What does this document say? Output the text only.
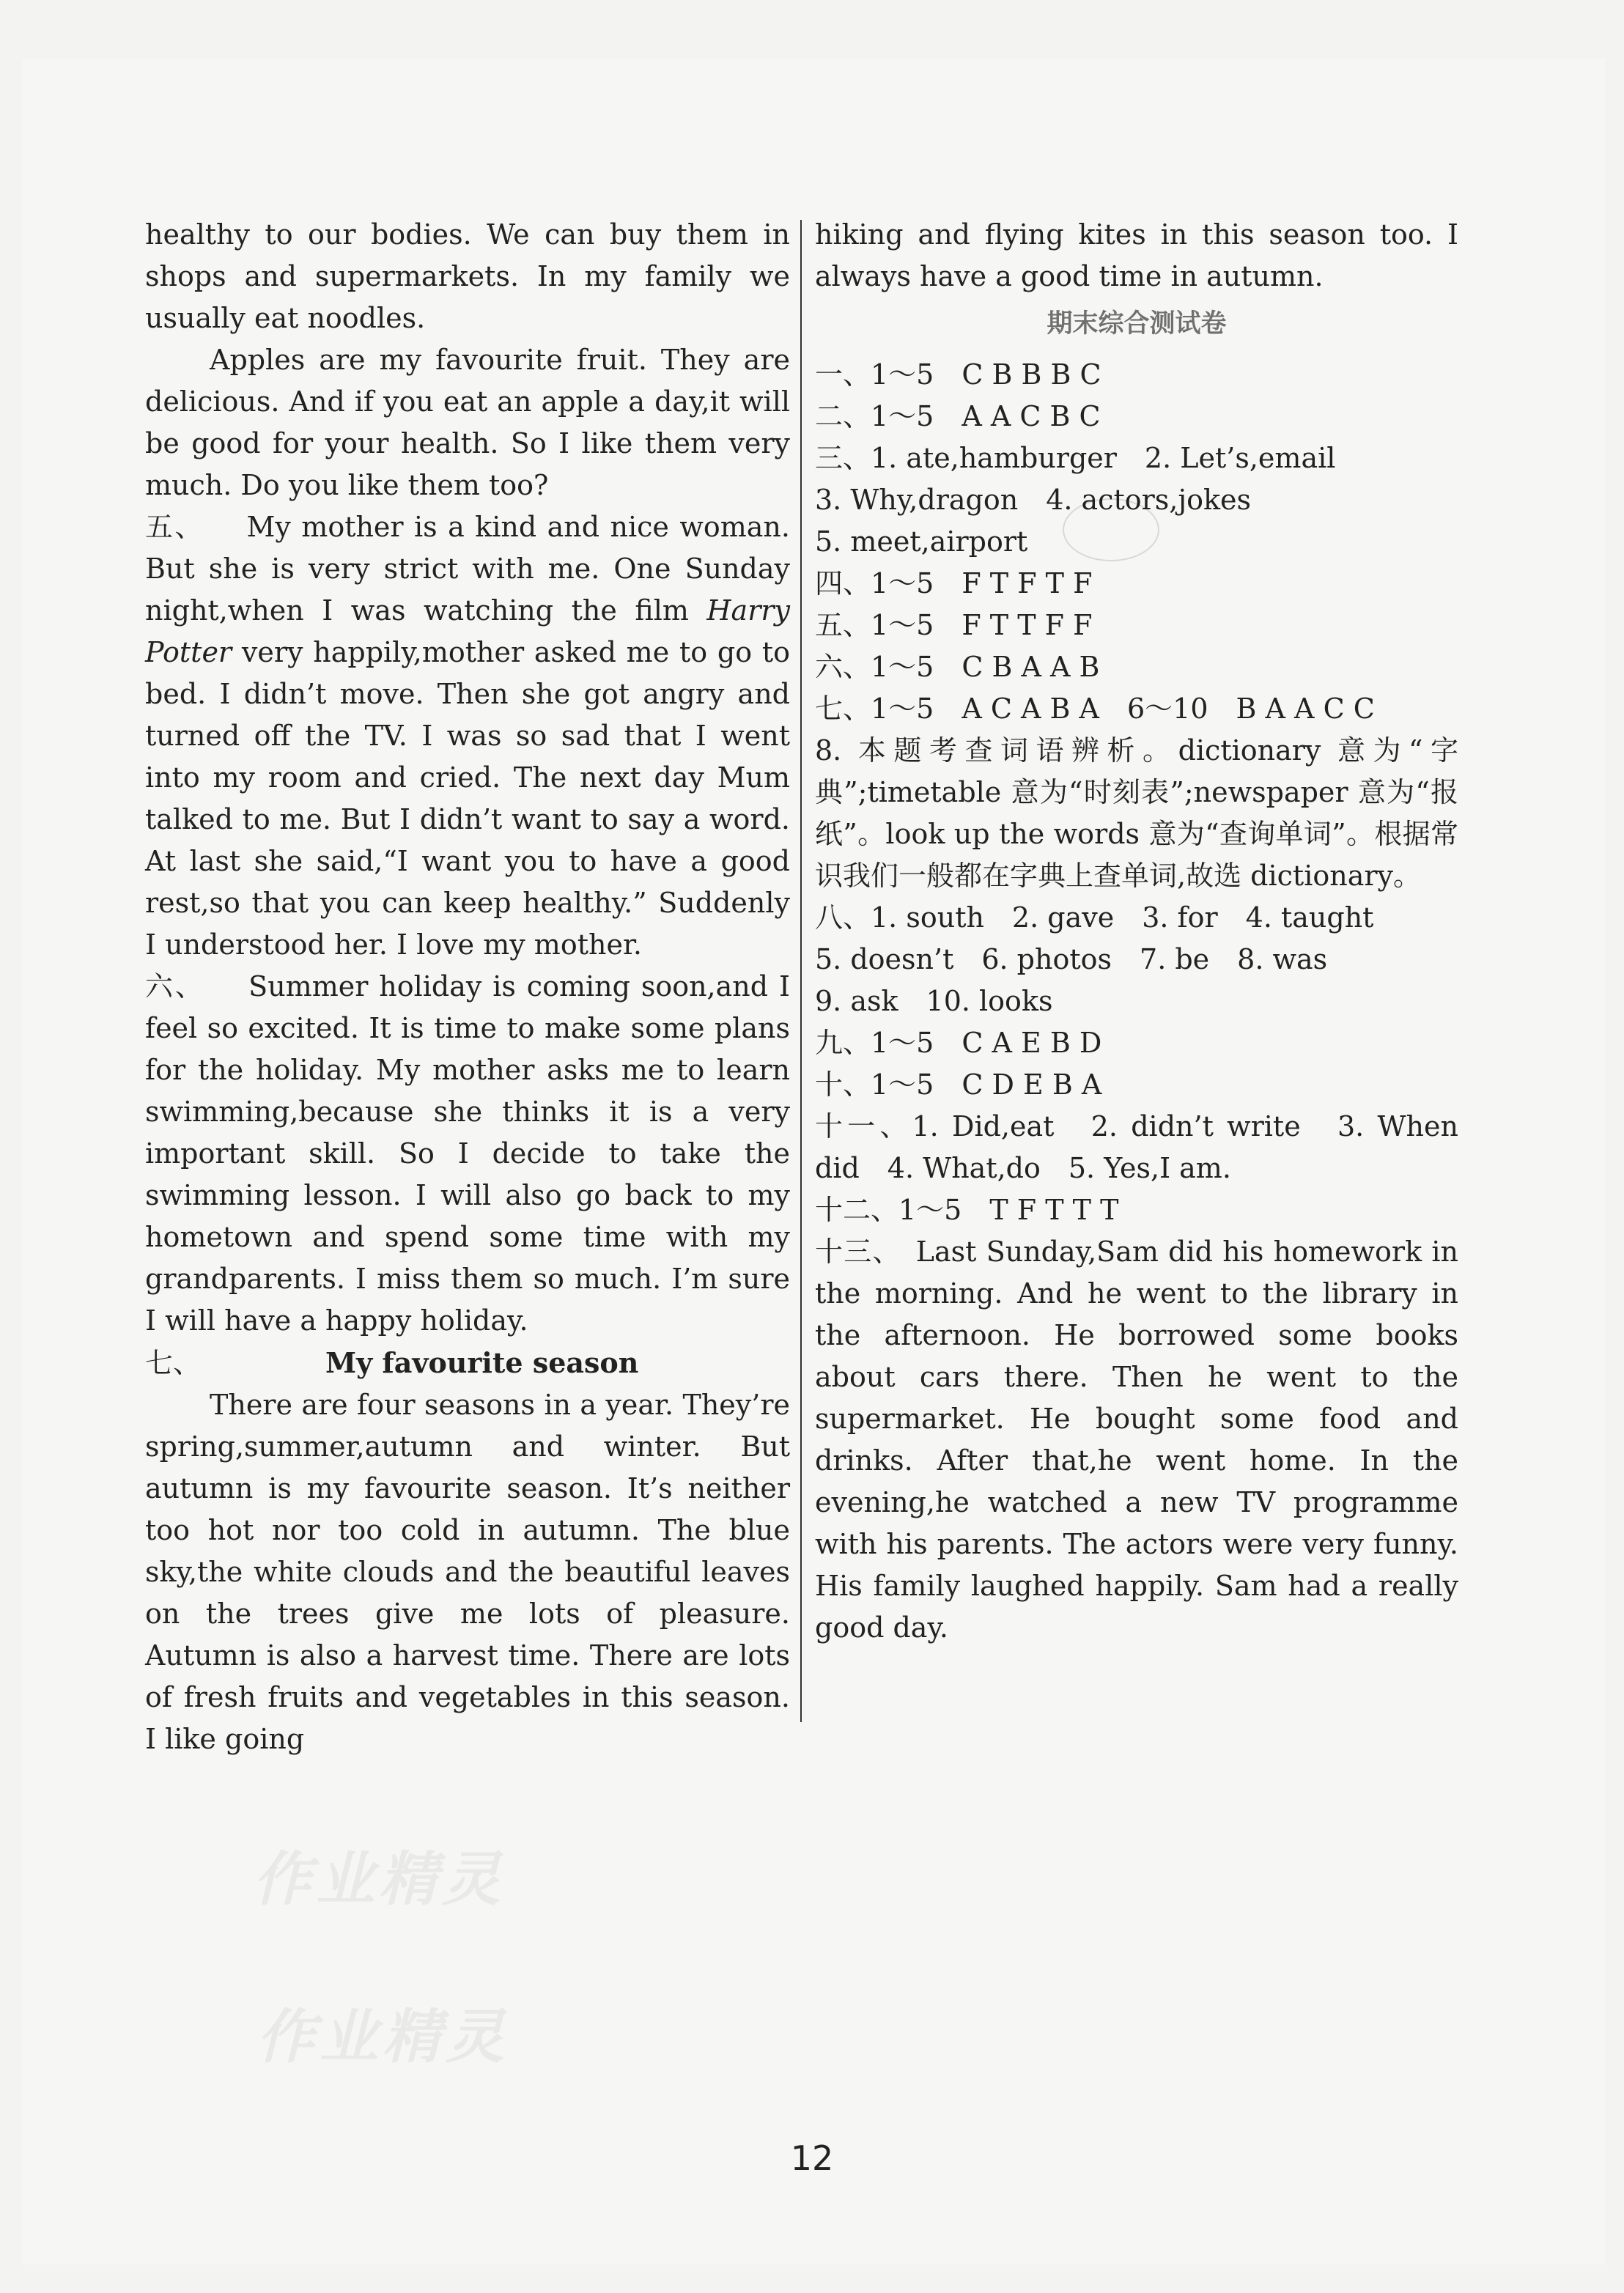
healthy to our bodies. We can buy them in shops and supermarkets. In my family we usually eat noodles.

Apples are my favourite fruit. They are delicious. And if you eat an apple a day,it will be good for your health. So I like them very much. Do you like them too?

五、 My mother is a kind and nice woman. But she is very strict with me. One Sunday night,when I was watching the film Harry Potter very happily,mother asked me to go to bed. I didn’t move. Then she got angry and turned off the TV. I was so sad that I went into my room and cried. The next day Mum talked to me. But I didn’t want to say a word. At last she said,“I want you to have a good rest,so that you can keep healthy.” Suddenly I understood her. I love my mother.

六、 Summer holiday is coming soon,and I feel so excited. It is time to make some plans for the holiday. My mother asks me to learn swimming,because she thinks it is a very important skill. So I decide to take the swimming lesson. I will also go back to my hometown and spend some time with my grandparents. I miss them so much. I’m sure I will have a happy holiday.

七、	My favourite season

There are four seasons in a year. They’re spring,summer,autumn and winter. But autumn is my favourite season. It’s neither too hot nor too cold in autumn. The blue sky,the white clouds and the beautiful leaves on the trees give me lots of pleasure. Autumn is also a harvest time. There are lots of fresh fruits and vegetables in this season. I like going

hiking and flying kites in this season too. I always have a good time in autumn.

期末综合测试卷

一、1～5　C B B B C

二、1～5　A A C B C

三、1. ate,hamburger　2. Let’s,email

3. Why,dragon　4. actors,jokes

5. meet,airport

四、1～5　F T F T F

五、1～5　F T T F F

六、1～5　C B A A B

七、1～5　A C A B A　6～10　B A A C C

8. 本题考查词语辨析。dictionary 意为“字典”;timetable 意为“时刻表”;newspaper 意为“报纸”。look up the words 意为“查询单词”。根据常识我们一般都在字典上查单词,故选 dictionary。

八、1. south　2. gave　3. for　4. taught

5. doesn’t　6. photos　7. be　8. was

9. ask　10. looks

九、1～5　C A E B D

十、1～5　C D E B A

十一、1. Did,eat　2. didn’t write　3. When did　4. What,do　5. Yes,I am.

十二、1～5　T F T T T

十三、　Last Sunday,Sam did his homework in the morning. And he went to the library in the afternoon. He borrowed some books about cars there. Then he went to the supermarket. He bought some food and drinks. After that,he went home. In the evening,he watched a new TV programme with his parents. The actors were very funny. His family laughed happily. Sam had a really good day.

作业精灵
作业精灵
12
